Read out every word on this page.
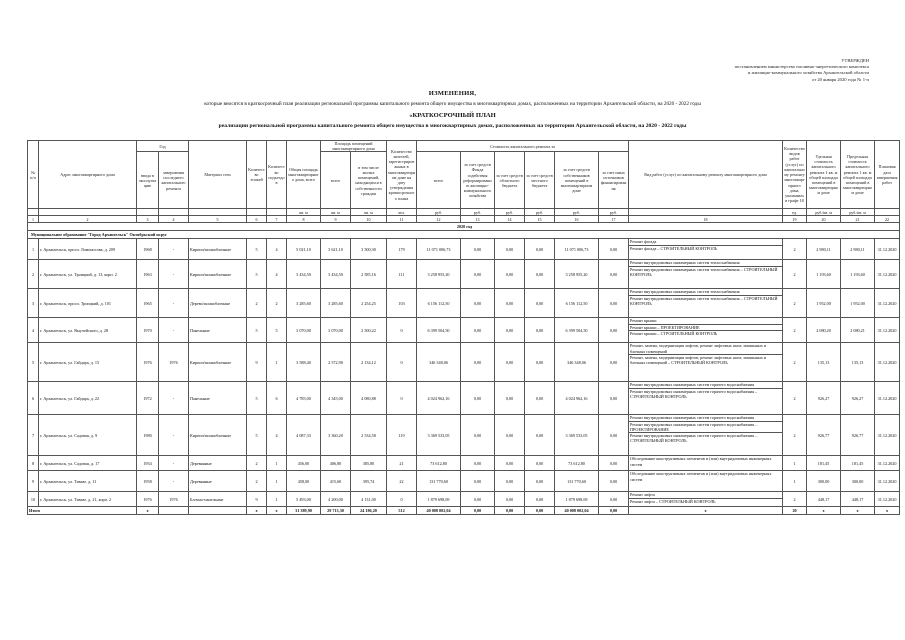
УТВЕРЖДЕН
постановлением министерства топливно-энергетического комплекса
и жилищно-коммунального хозяйства Архангельской области
от 20 января 2020 года № 1-п
ИЗМЕНЕНИЯ,
которые вносятся в краткосрочный план реализации региональной программы капитального ремонта общего имущества в многоквартирных домах, расположенных на территории Архангельской области, на 2020 - 2022 годы
«КРАТКОСРОЧНЫЙ ПЛАН
реализации региональной программы капитального ремонта общего имущества в многоквартирных домах, расположенных на территории Архангельской области, на 2020 - 2022 годы
№ п/п	Адрес многоквартирного дома	Год		Материал стен	Количество этажей	Количество подъездов	Общая площадь многоквартирного дома, всего	Площадь помещений многоквартирного дома		Количество жителей, зарегистрированных в многоквартирном доме на дату утверждения краткосрочного плана	Стоимость капитального ремонта за						Вид работ (услуг) по капитальному ремонту многоквартирного дома	Количество видов работ (услуг) по капитальному ремонту многоквартирного дома, указанных в графе 18	Удельная стоимость капитального ремонта 1 кв. м общей площади помещений в многоквартирном доме	Предельная стоимость капитального ремонта 1 кв. м общей площади помещений в многоквартирном доме	Плановая дата завершения работ
		ввода в эксплуатацию	завершения последнего капитального ремонта					всего	в том числе жилых помещений, находящихся в собственности граждан		всего	за счет средств Фонда содействия реформированию жилищно-коммунального хозяйства	за счет средств областного бюджета	за счет средств местного бюджета	за счет средств собственников помещений в многоквартирном доме	за счет иных источников финансирования					
							кв. м	кв. м	кв. м	чел.	руб.	руб.	руб.	руб.	руб.	руб.		ед.	руб./кв. м	руб./кв. м	
1	2	3	4	5	6	7	8	9	10	11	12	13	14	15	16	17	18	19	20	21	22
2020 год																					
Муниципальное образование "Город Архангельск" Октябрьский округ																					
1	г. Архангельск, просп. Ломоносова, д. 209	1968	-	Кирпич/шлакоблочные	5	4	5 021,10	3 621,10	3 500,30	179	11 071 006,73	0,00	0,00	0,00	11 071 006,73	0,00	Ремонт фасада
Ремонт фасада – СТРОИТЕЛЬНЫЙ КОНТРОЛЬ	2	2 980,11	2 980,11	31.12.2020
2	г. Архангельск, ул. Троицкий, д. 13, корп. 2	1963	-	Кирпич/шлакоблочные	5	4	3 434,50	3 434,50	2 585,16	111	3 258 955,20	0,00	0,00	0,00	3 258 955,20	0,00	Ремонт внутридомовых инженерных систем теплоснабжения
Ремонт внутридомовых инженерных систем теплоснабжения – СТРОИТЕЛЬНЫЙ КОНТРОЛЬ	2	1 193,60	1 193,60	31.12.2020
3	г. Архангельск, просп. Троицкий, д. 101	1965	-	Дерево/шлакоблочные	2	2	3 285,60	3 285,60	2 254,25	103	6 156 112,50	0,00	0,00	0,00	6 156 112,50	0,00	Ремонт внутридомовых инженерных систем теплоснабжения
Ремонт внутридомовых инженерных систем теплоснабжения – СТРОИТЕЛЬНЫЙ КОНТРОЛЬ	2	1 952,00	1 952,00	31.12.2020
4	г. Архангельск, ул. Выучейского, д. 28	1970	-	Панельные	5	5	3 070,00	3 070,00	2 500,22	0	6 399 504,50	0,00	0,00	0,00	6 399 504,50	0,00	Ремонт крыши
Ремонт крыши – ПРОЕКТИРОВАНИЕ
Ремонт крыши – СТРОИТЕЛЬНЫЙ КОНТРОЛЬ	2	2 080,20	2 080,21	31.12.2020
5	г. Архангельск, ул. Гайдара, д. 15	1976	1976	Кирпич/шлакоблочные	9	1	3 588,40	2 572,90	2 134,12	0	346 348,06	0,00	0,00	0,00	346 348,06	0,00	Ремонт, замена, модернизация лифтов, ремонт лифтовых шахт, машинных и блочных помещений
Ремонт, замена, модернизация лифтов, ремонт лифтовых шахт, машинных и блочных помещений – СТРОИТЕЛЬНЫЙ КОНТРОЛЬ	2	135,13	135,13	31.12.2020
6	г. Архангельск, ул. Гайдара, д. 22	1972	-	Панельные	5	6	4 785,00	4 345,00	4 080,88	0	4 024 962,16	0,00	0,00	0,00	4 024 962,16	0,00	Ремонт внутридомовых инженерных систем горячего водоснабжения
Ремонт внутридомовых инженерных систем горячего водоснабжения – СТРОИТЕЛЬНЫЙ КОНТРОЛЬ	2	926,27	926,27	31.12.2020
7	г. Архангельск, ул. Садовая, д. 9	1980	-	Кирпич/шлакоблочные	5	4	4 087,33	3 360,20	2 534,58	119	3 369 533,05	0,00	0,00	0,00	3 369 533,05	0,00	Ремонт внутридомовых инженерных систем горячего водоснабжения
Ремонт внутридомовых инженерных систем горячего водоснабжения – ПРОЕКТИРОВАНИЕ
Ремонт внутридомовых инженерных систем горячего водоснабжения – СТРОИТЕЛЬНЫЙ КОНТРОЛЬ	2	926,77	926,77	31.12.2020
8	г. Архангельск, ул. Садовая, д. 17	1954	-	Деревянные	2	1	456,00	406,80	385,80	21	73 612,80	0,00	0,00	0,00	73 612,80	0,00	Обследование конструктивных элементов и (или) внутридомовых инженерных систем	1	181,45	181,45	31.12.2020
9	г. Архангельск, ул. Тимме, д. 11	1958	-	Деревянные	2	1	458,00	415,60	395,74	22	131 770,60	0,00	0,00	0,00	131 770,60	0,00	Обследование конструктивных элементов и (или) внутридомовых инженерных систем	1	300,00	300,00	31.12.2020
10	г. Архангельск, ул. Тимме, д. 21, корп. 2	1976	1976	Блочно-панельные	9	1	5 493,00	4 200,00	4 131,00	0	1 879 698,69	0,00	0,00	0,00	1 879 698,69	0,00	Ремонт лифта
Ремонт лифта – СТРОИТЕЛЬНЫЙ КОНТРОЛЬ	2	448,17	448,17	31.12.2020
Итого		x			x	x	31 389,90	29 713,30	24 186,20	512	40 008 002,04	0,00	0,00	0,00	40 008 002,04	0,00	x	20	x	x	x
